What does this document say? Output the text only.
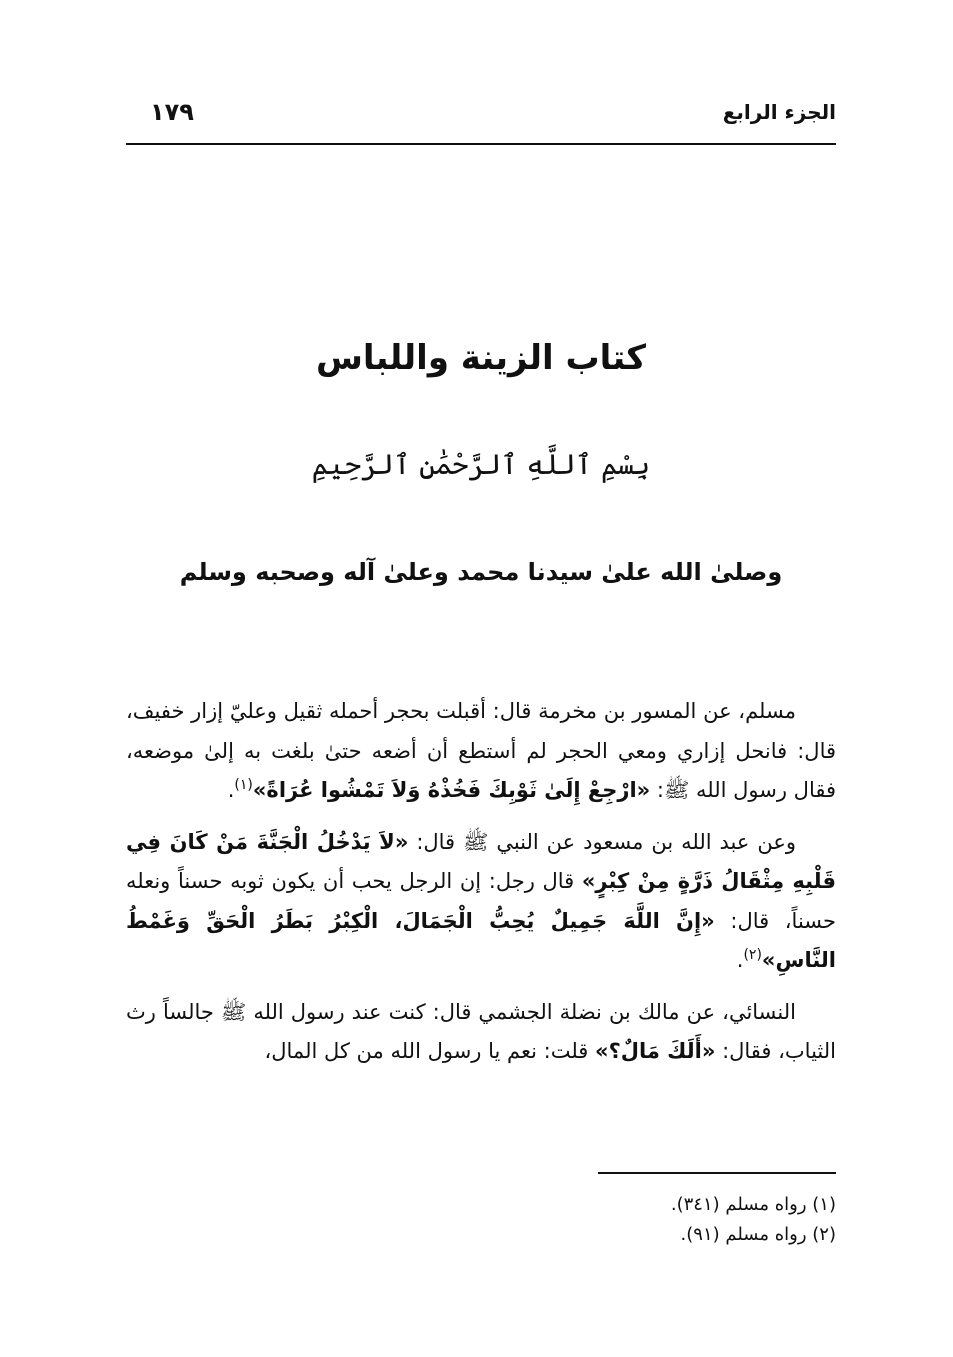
الجزء الرابع
١٧٩
كتاب الزينة واللباس
بِسْمِ ٱللَّهِ ٱلرَّحْمَٰنِ ٱلرَّحِيمِ
وصلىٰ الله علىٰ سيدنا محمد وعلىٰ آله وصحبه وسلم

مسلم، عن المسور بن مخرمة قال: أقبلت بحجر أحمله ثقيل وعليّ إزار خفيف، قال: فانحل إزاري ومعي الحجر لم أستطع أن أضعه حتىٰ بلغت به إلىٰ موضعه، فقال رسول الله ﷺ: «ارْجِعْ إِلَىٰ ثَوْبِكَ فَخُذْهُ وَلاَ تَمْشُوا عُرَاةً»$^{(١)}$.

وعن عبد الله بن مسعود عن النبي ﷺ قال: «لاَ يَدْخُلُ الْجَنَّةَ مَنْ كَانَ فِي قَلْبِهِ مِثْقَالُ ذَرَّةٍ مِنْ كِبْرٍ» قال رجل: إن الرجل يحب أن يكون ثوبه حسناً ونعله حسناً، قال: «إِنَّ اللَّهَ جَمِيلٌ يُحِبُّ الْجَمَالَ، الْكِبْرُ بَطَرُ الْحَقِّ وَغَمْطُ النَّاسِ»$^{(٢)}$.

النسائي، عن مالك بن نضلة الجشمي قال: كنت عند رسول الله ﷺ جالساً رث الثياب، فقال: «أَلَكَ مَالٌ؟» قلت: نعم يا رسول الله من كل المال،

(١) رواه مسلم (٣٤١).
(٢) رواه مسلم (٩١).
